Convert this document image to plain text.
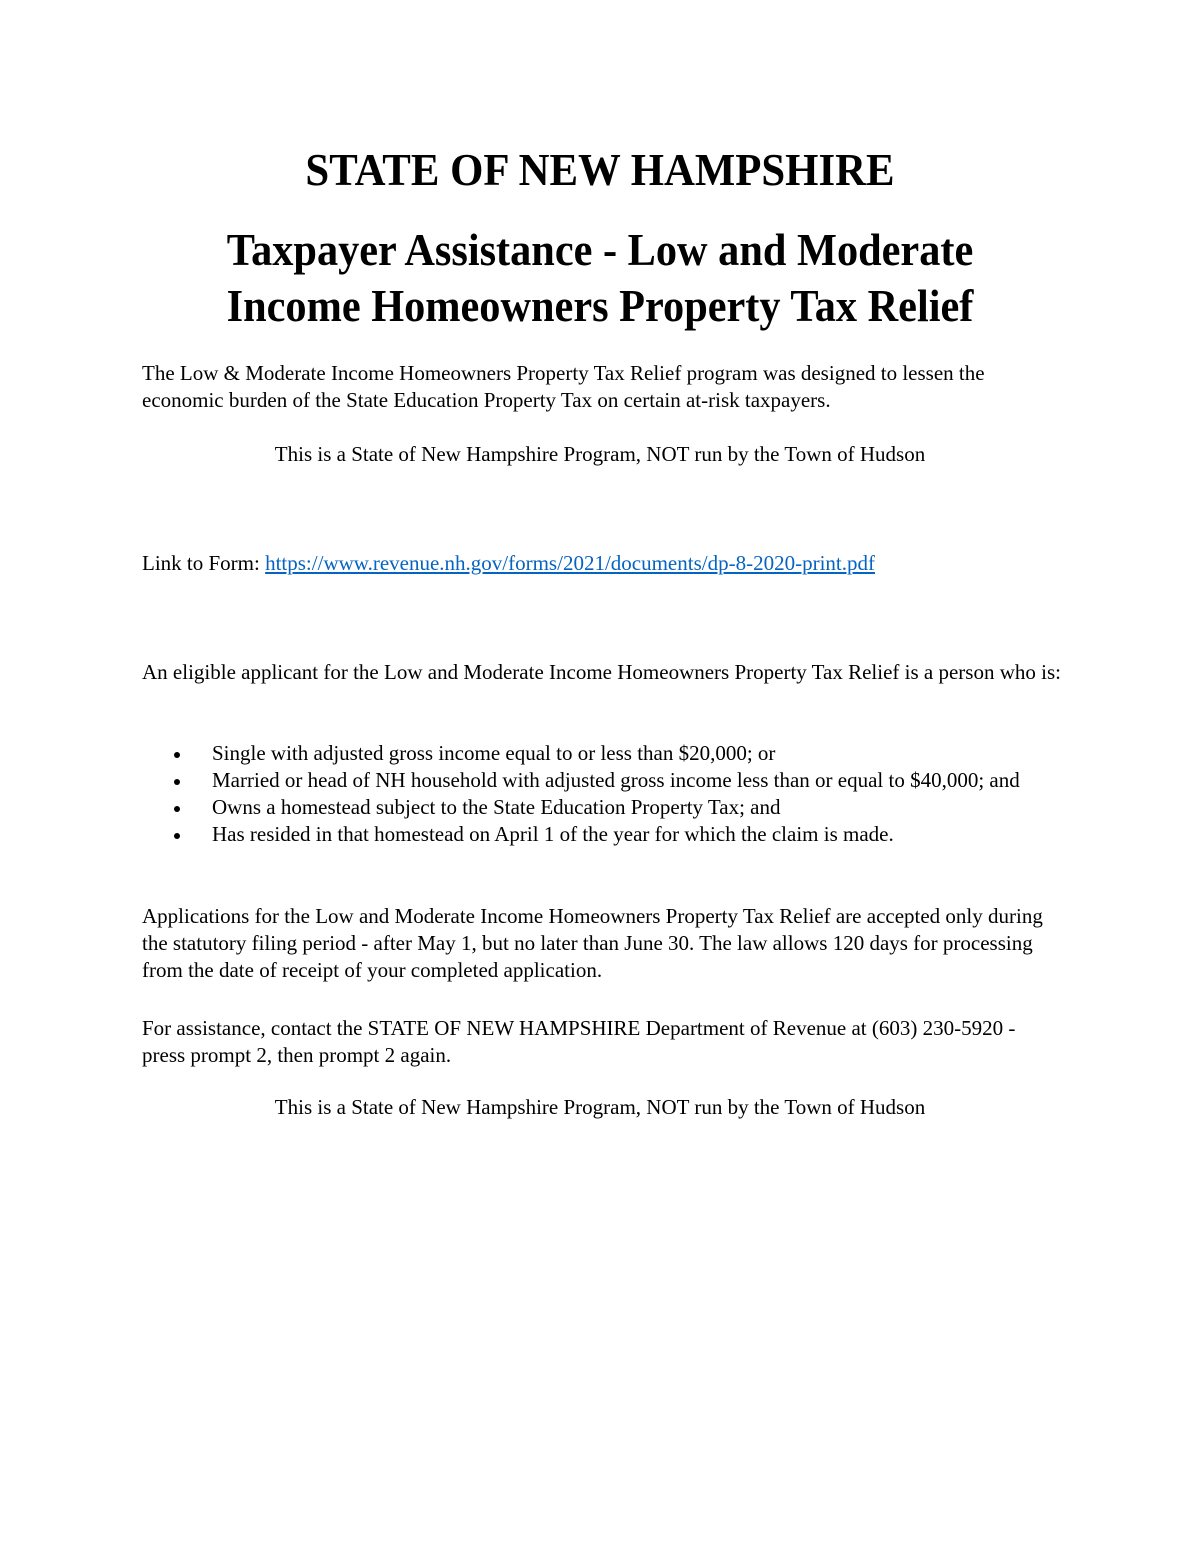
STATE OF NEW HAMPSHIRE
Taxpayer Assistance - Low and Moderate
Income Homeowners Property Tax Relief
The Low & Moderate Income Homeowners Property Tax Relief program was designed to lessen the economic burden of the State Education Property Tax on certain at-risk taxpayers.
This is a State of New Hampshire Program, NOT run by the Town of Hudson
Link to Form: https://www.revenue.nh.gov/forms/2021/documents/dp-8-2020-print.pdf
An eligible applicant for the Low and Moderate Income Homeowners Property Tax Relief is a person who is:
Single with adjusted gross income equal to or less than $20,000; or
Married or head of NH household with adjusted gross income less than or equal to $40,000; and
Owns a homestead subject to the State Education Property Tax; and
Has resided in that homestead on April 1 of the year for which the claim is made.
Applications for the Low and Moderate Income Homeowners Property Tax Relief are accepted only during the statutory filing period - after May 1, but no later than June 30. The law allows 120 days for processing from the date of receipt of your completed application.
For assistance, contact the STATE OF NEW HAMPSHIRE Department of Revenue at (603) 230-5920 - press prompt 2, then prompt 2 again.
This is a State of New Hampshire Program, NOT run by the Town of Hudson
